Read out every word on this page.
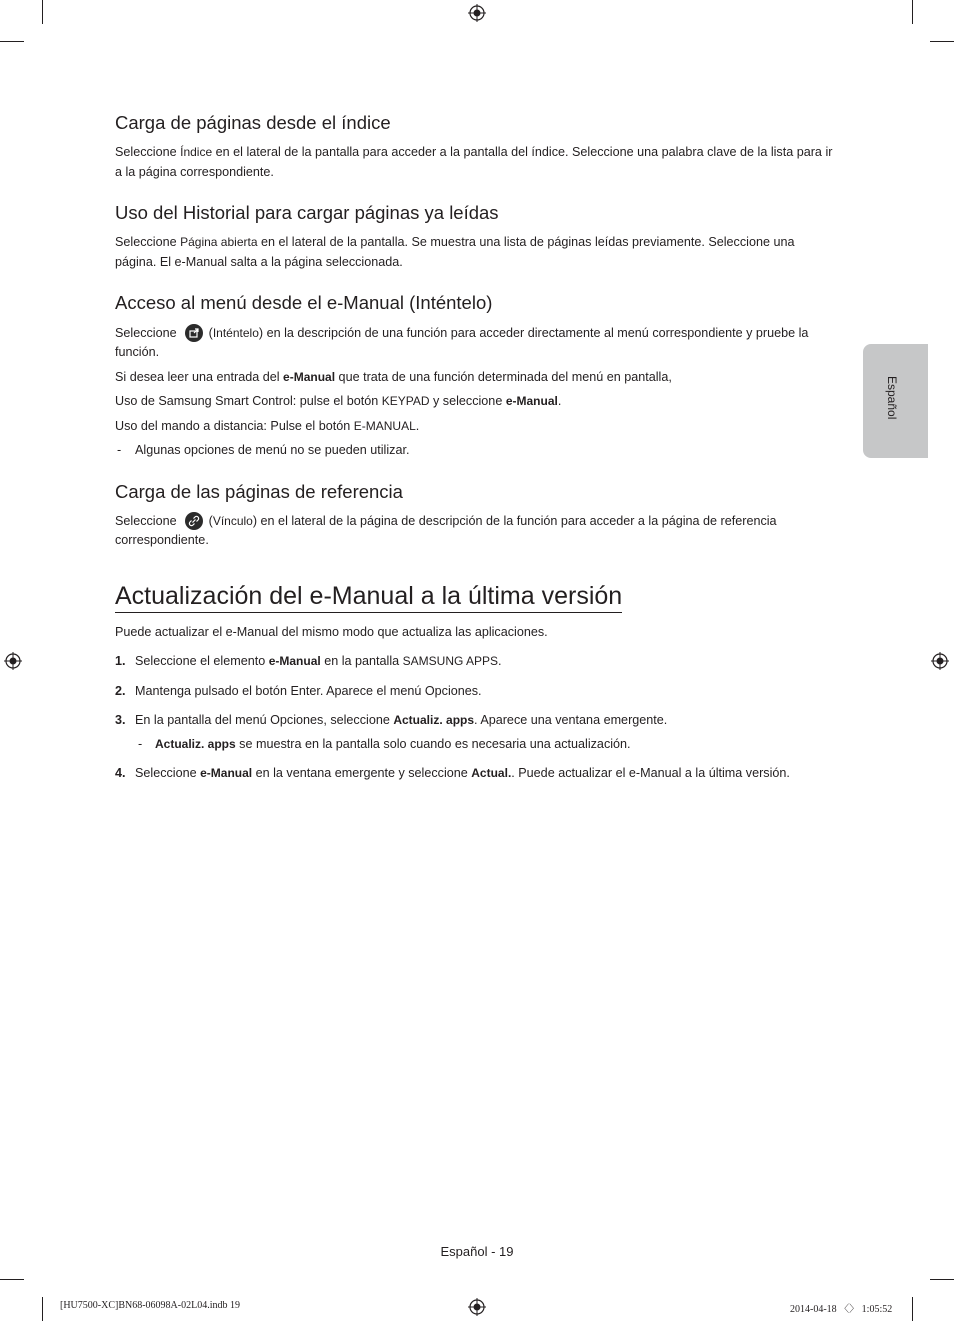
Carga de páginas desde el índice

Seleccione Índice en el lateral de la pantalla para acceder a la pantalla del índice. Seleccione una palabra clave de la lista para ir a la página correspondiente.

Uso del Historial para cargar páginas ya leídas

Seleccione Página abierta en el lateral de la pantalla. Se muestra una lista de páginas leídas previamente. Seleccione una página. El e-Manual salta a la página seleccionada.

Acceso al menú desde el e-Manual (Inténtelo)

Seleccione	(Inténtelo) en la descripción de una función para acceder directamente al menú correspondiente y pruebe la función.

Si desea leer una entrada del e-Manual que trata de una función determinada del menú en pantalla,

Uso de Samsung Smart Control: pulse el botón KEYPAD y seleccione e-Manual.

Uso del mando a distancia: Pulse el botón E-MANUAL.

- Algunas opciones de menú no se pueden utilizar.
Carga de las páginas de referencia

Seleccione	(Vínculo) en el lateral de la página de descripción de la función para acceder a la página de referencia correspondiente.

Actualización del e-Manual a la última versión

Puede actualizar el e-Manual del mismo modo que actualiza las aplicaciones.

1. Seleccione el elemento e-Manual en la pantalla SAMSUNG APPS.
2. Mantenga pulsado el botón Enter. Aparece el menú Opciones.
3. En la pantalla del menú Opciones, seleccione Actualiz. apps. Aparece una ventana emergente.
- Actualiz. apps se muestra en la pantalla solo cuando es necesaria una actualización.
4. Seleccione e-Manual en la ventana emergente y seleccione Actual.. Puede actualizar el e-Manual a la última versión.
Español
Español - 19
[HU7500-XC]BN68-06098A-02L04.indb 19	2014-04-18 〈〉 1:05:52
